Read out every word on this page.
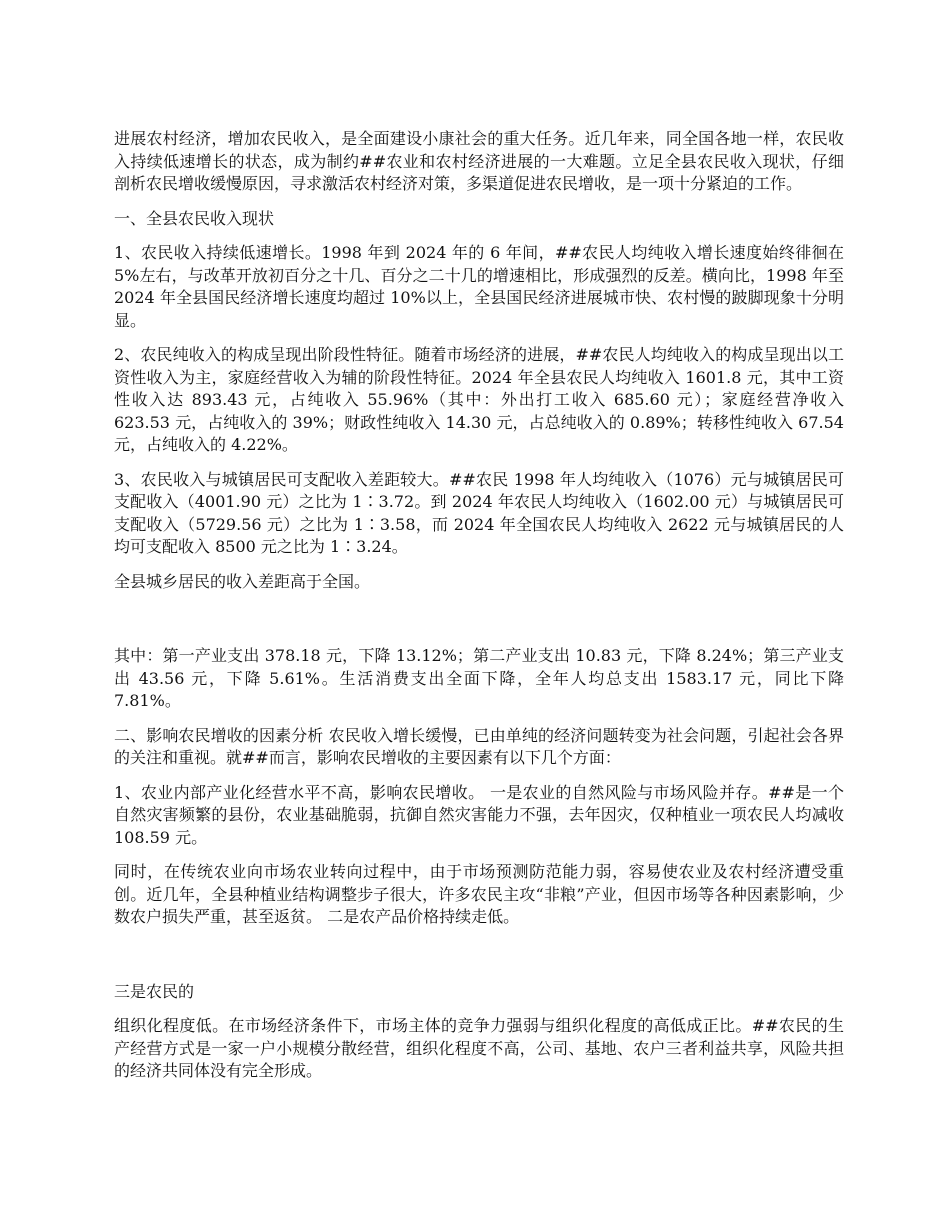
进展农村经济，增加农民收入，是全面建设小康社会的重大任务。近几年来，同全国各地一样，农民收入持续低速增长的状态，成为制约##农业和农村经济进展的一大难题。立足全县农民收入现状，仔细剖析农民增收缓慢原因，寻求激活农村经济对策，多渠道促进农民增收，是一项十分紧迫的工作。

一、全县农民收入现状

1、农民收入持续低速增长。1998 年到 2024 年的 6 年间，##农民人均纯收入增长速度始终徘徊在 5%左右，与改革开放初百分之十几、百分之二十几的增速相比，形成强烈的反差。横向比，1998 年至 2024 年全县国民经济增长速度均超过 10%以上，全县国民经济进展城市快、农村慢的跛脚现象十分明显。

2、农民纯收入的构成呈现出阶段性特征。随着市场经济的进展，##农民人均纯收入的构成呈现出以工资性收入为主，家庭经营收入为辅的阶段性特征。2024 年全县农民人均纯收入 1601.8 元，其中工资性收入达 893.43 元，占纯收入 55.96%（其中：外出打工收入 685.60 元）；家庭经营净收入 623.53 元，占纯收入的 39%；财政性纯收入 14.30 元，占总纯收入的 0.89%；转移性纯收入 67.54 元，占纯收入的 4.22%。

3、农民收入与城镇居民可支配收入差距较大。##农民 1998 年人均纯收入（1076）元与城镇居民可支配收入（4001.90 元）之比为 1∶3.72。到 2024 年农民人均纯收入（1602.00 元）与城镇居民可支配收入（5729.56 元）之比为 1∶3.58，而 2024 年全国农民人均纯收入 2622 元与城镇居民的人均可支配收入 8500 元之比为 1∶3.24。

全县城乡居民的收入差距高于全国。

其中：第一产业支出 378.18 元，下降 13.12%；第二产业支出 10.83 元，下降 8.24%；第三产业支出 43.56 元，下降 5.61%。生活消费支出全面下降，全年人均总支出 1583.17 元，同比下降 7.81%。

二、影响农民增收的因素分析 农民收入增长缓慢，已由单纯的经济问题转变为社会问题，引起社会各界的关注和重视。就##而言，影响农民增收的主要因素有以下几个方面：

1、农业内部产业化经营水平不高，影响农民增收。 一是农业的自然风险与市场风险并存。##是一个自然灾害频繁的县份，农业基础脆弱，抗御自然灾害能力不强，去年因灾，仅种植业一项农民人均减收 108.59 元。

同时，在传统农业向市场农业转向过程中，由于市场预测防范能力弱，容易使农业及农村经济遭受重创。近几年，全县种植业结构调整步子很大，许多农民主攻“非粮”产业，但因市场等各种因素影响，少数农户损失严重，甚至返贫。 二是农产品价格持续走低。

三是农民的

组织化程度低。在市场经济条件下，市场主体的竞争力强弱与组织化程度的高低成正比。##农民的生产经营方式是一家一户小规模分散经营，组织化程度不高，公司、基地、农户三者利益共享，风险共担的经济共同体没有完全形成。
